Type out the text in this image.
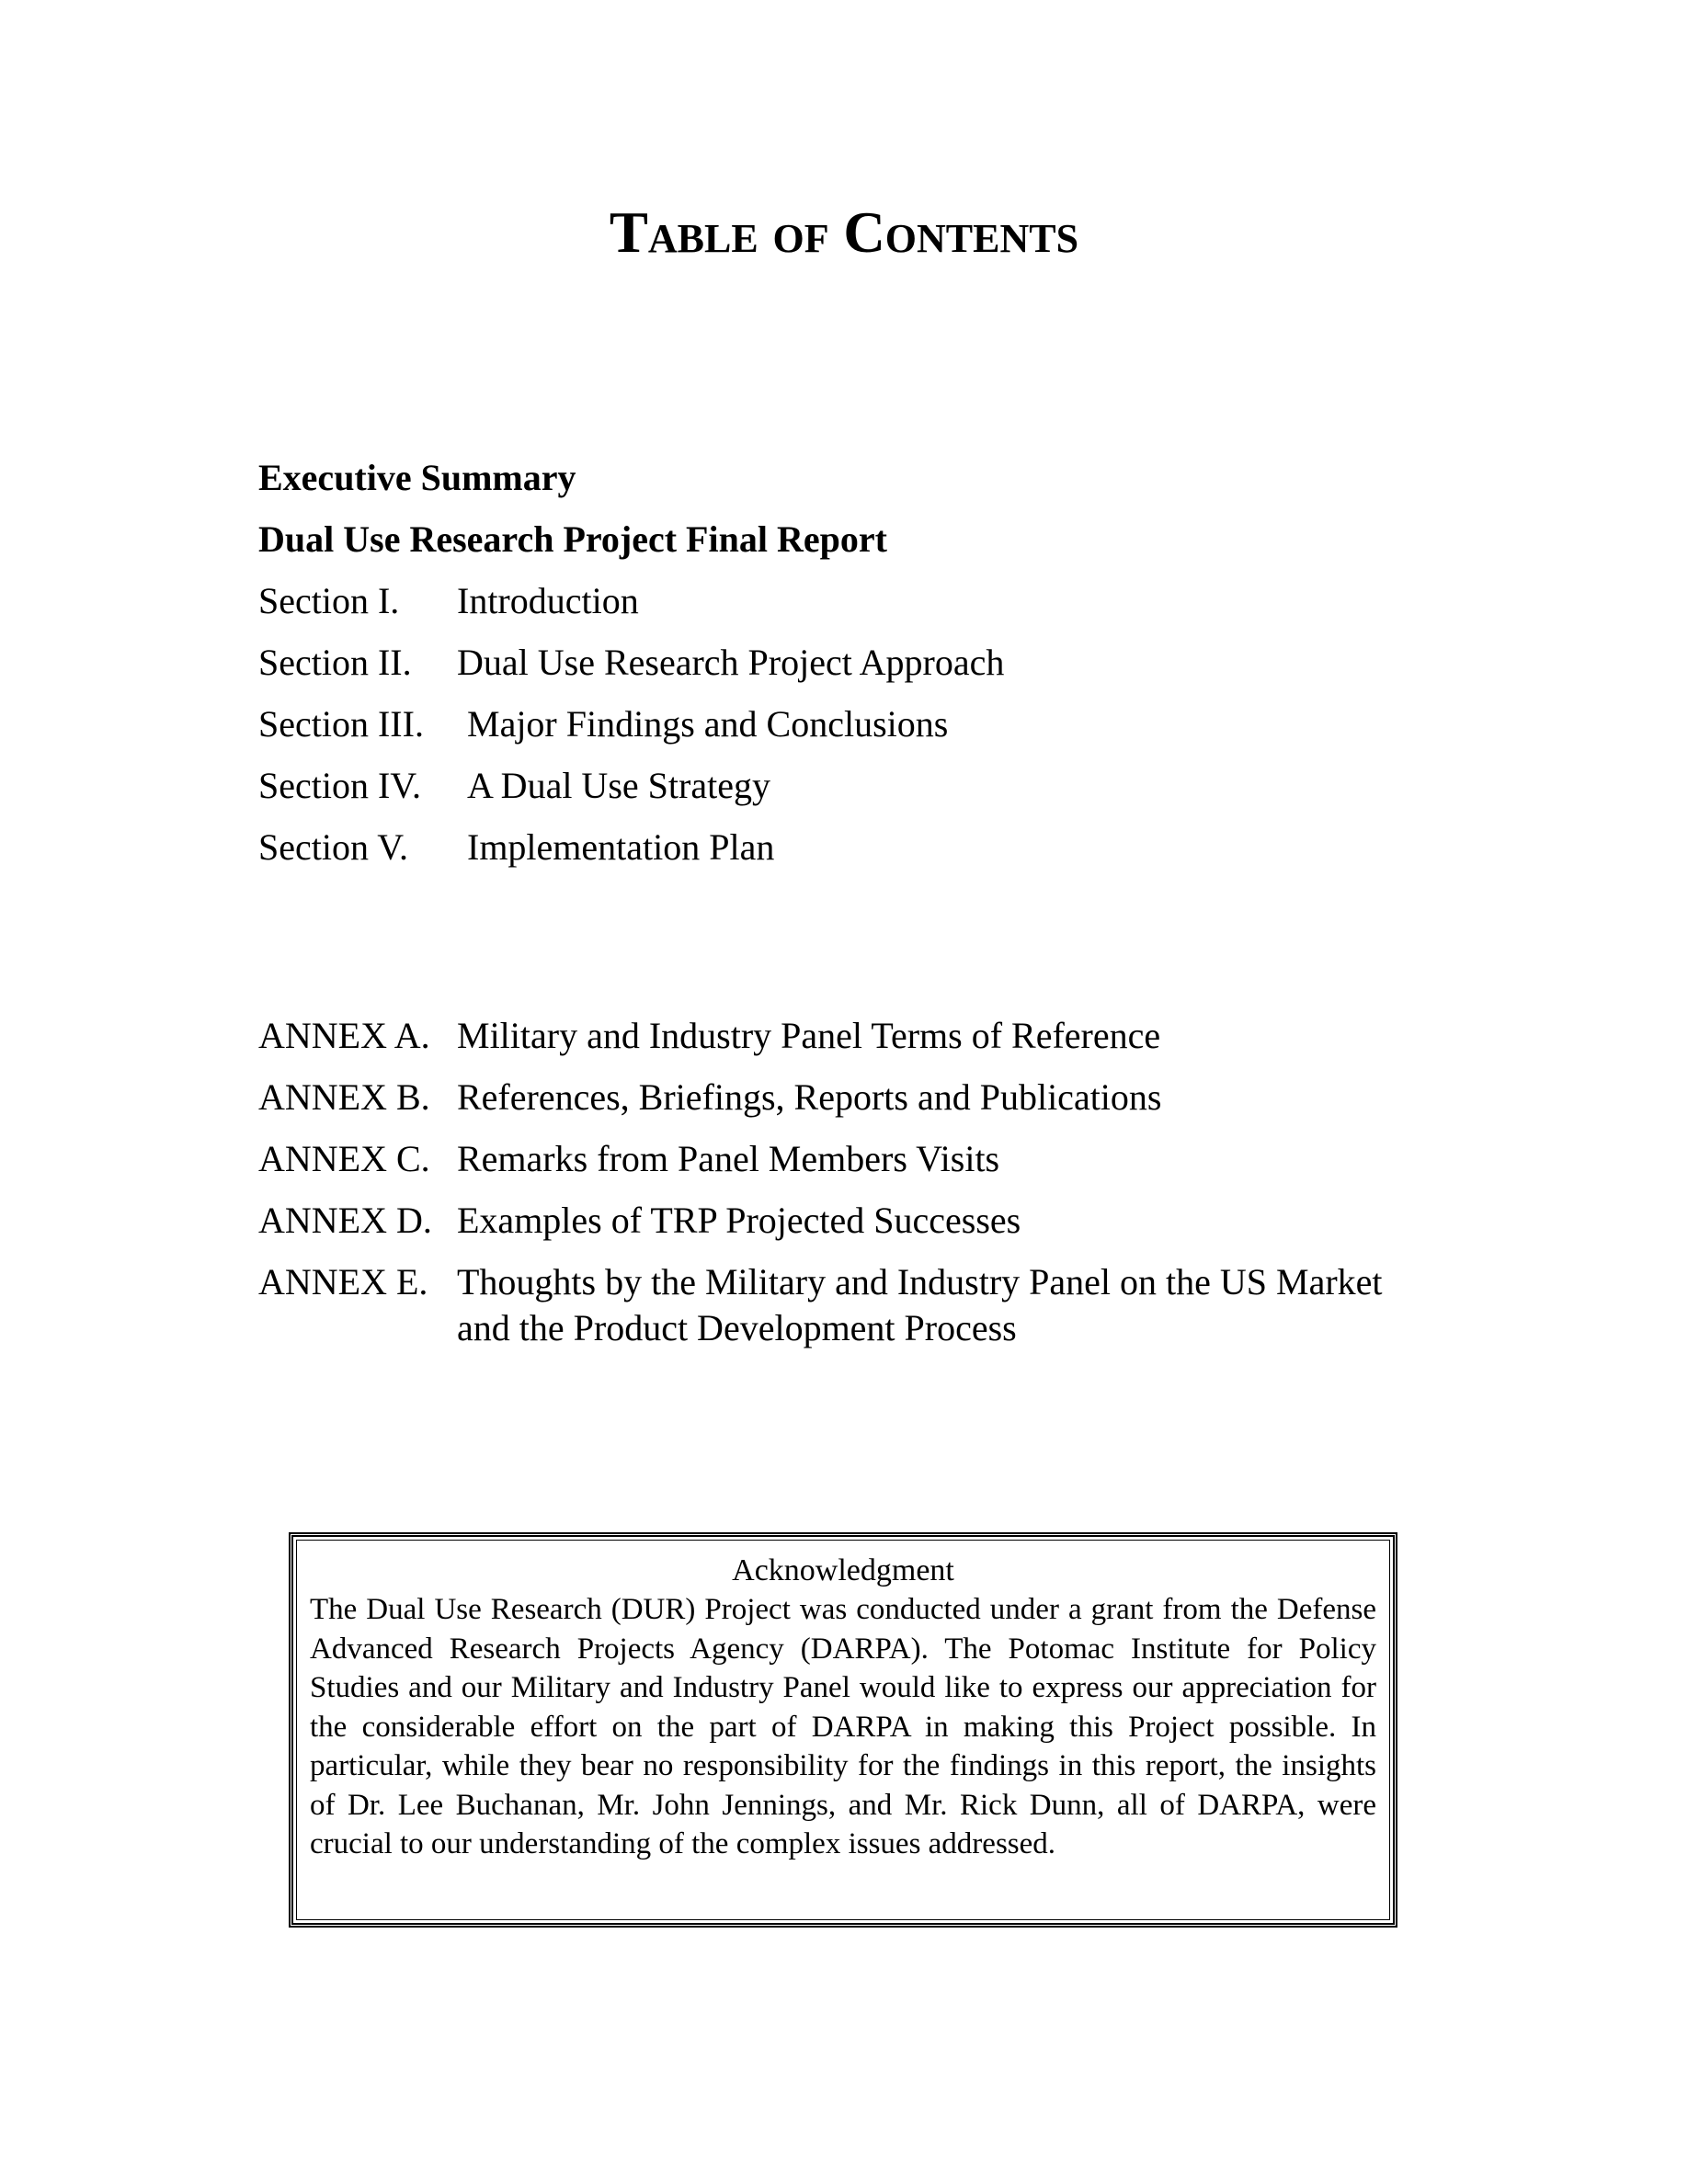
Table of Contents
Executive Summary
Dual Use Research Project Final Report
Section I. Introduction
Section II. Dual Use Research Project Approach
Section III. Major Findings and Conclusions
Section IV. A Dual Use Strategy
Section V. Implementation Plan
ANNEX A. Military and Industry Panel Terms of Reference
ANNEX B. References, Briefings, Reports and Publications
ANNEX C. Remarks from Panel Members Visits
ANNEX D. Examples of TRP Projected Successes
ANNEX E. Thoughts by the Military and Industry Panel on the US Market
and the Product Development Process
Acknowledgment
The Dual Use Research (DUR) Project was conducted under a grant from the Defense Advanced Research Projects Agency (DARPA). The Potomac Institute for Policy Studies and our Military and Industry Panel would like to express our appreciation for the considerable effort on the part of DARPA in making this Project possible. In particular, while they bear no responsibility for the findings in this report, the insights of Dr. Lee Buchanan, Mr. John Jennings, and Mr. Rick Dunn, all of DARPA, were crucial to our understanding of the complex issues addressed.
